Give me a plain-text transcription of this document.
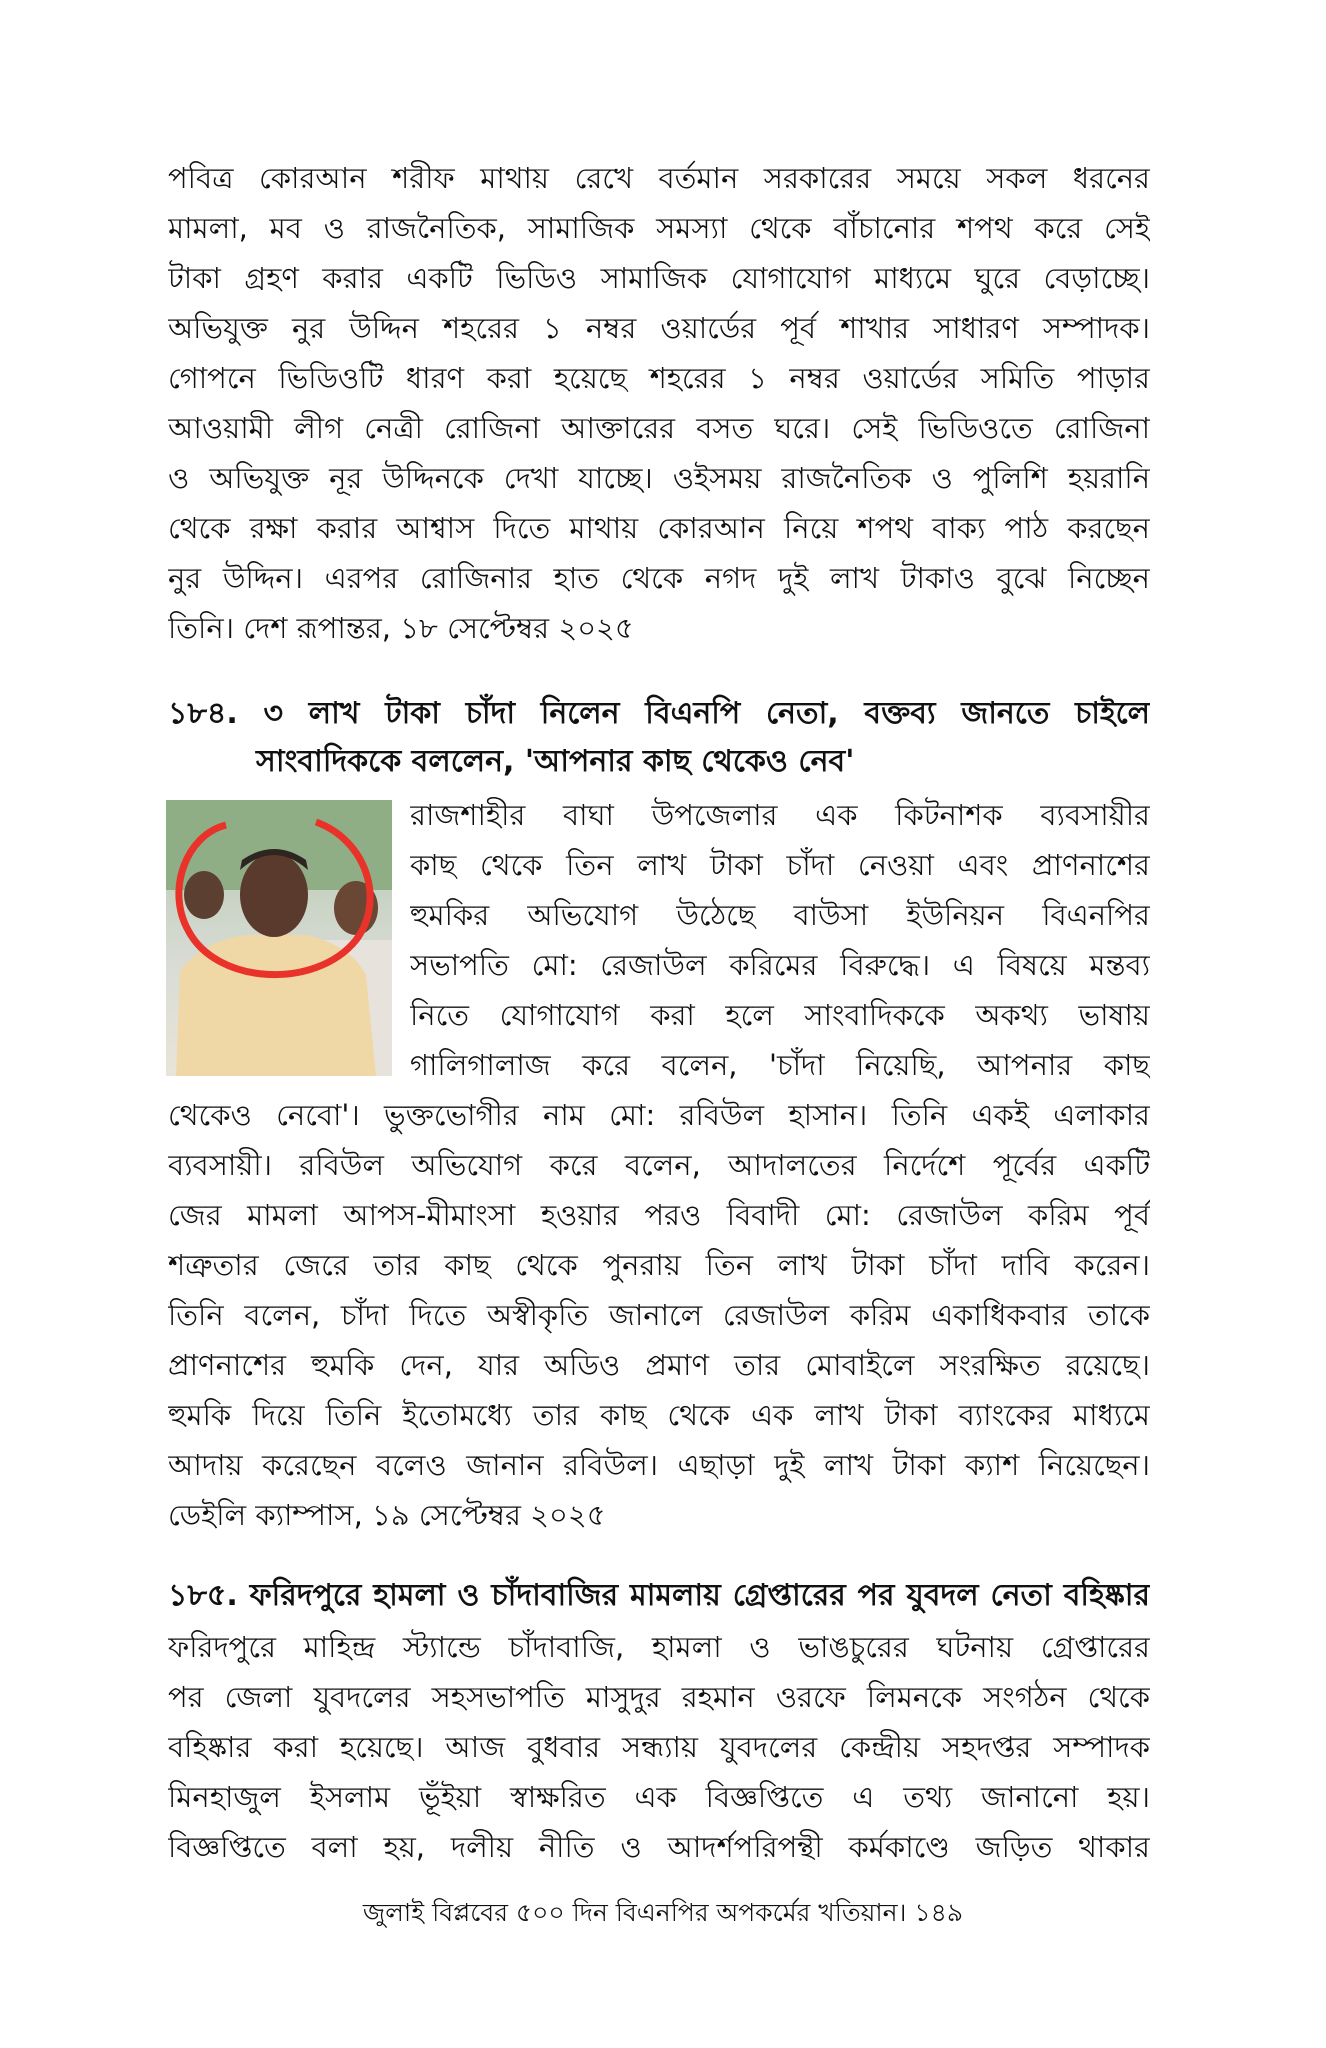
পবিত্র কোরআন শরীফ মাথায় রেখে বর্তমান সরকারের সময়ে সকল ধরনের
মামলা, মব ও রাজনৈতিক, সামাজিক সমস্যা থেকে বাঁচানোর শপথ করে সেই
টাকা গ্রহণ করার একটি ভিডিও সামাজিক যোগাযোগ মাধ্যমে ঘুরে বেড়াচ্ছে।
অভিযুক্ত নুর উদ্দিন শহরের ১ নম্বর ওয়ার্ডের পূর্ব শাখার সাধারণ সম্পাদক।
গোপনে ভিডিওটি ধারণ করা হয়েছে শহরের ১ নম্বর ওয়ার্ডের সমিতি পাড়ার
আওয়ামী লীগ নেত্রী রোজিনা আক্তারের বসত ঘরে। সেই ভিডিওতে রোজিনা
ও অভিযুক্ত নূর উদ্দিনকে দেখা যাচ্ছে। ওইসময় রাজনৈতিক ও পুলিশি হয়রানি
থেকে রক্ষা করার আশ্বাস দিতে মাথায় কোরআন নিয়ে শপথ বাক্য পাঠ করছেন
নুর উদ্দিন। এরপর রোজিনার হাত থেকে নগদ দুই লাখ টাকাও বুঝে নিচ্ছেন
তিনি। দেশ রূপান্তর, ১৮ সেপ্টেম্বর ২০২৫
১৮৪. ৩ লাখ টাকা চাঁদা নিলেন বিএনপি নেতা, বক্তব্য জানতে চাইলে
সাংবাদিককে বললেন, 'আপনার কাছ থেকেও নেব'
রাজশাহীর বাঘা উপজেলার এক কিটনাশক ব্যবসায়ীর
কাছ থেকে তিন লাখ টাকা চাঁদা নেওয়া এবং প্রাণনাশের
হুমকির অভিযোগ উঠেছে বাউসা ইউনিয়ন বিএনপির
সভাপতি মো: রেজাউল করিমের বিরুদ্ধে। এ বিষয়ে মন্তব্য
নিতে যোগাযোগ করা হলে সাংবাদিককে অকথ্য ভাষায়
গালিগালাজ করে বলেন, 'চাঁদা নিয়েছি, আপনার কাছ
থেকেও নেবো'। ভুক্তভোগীর নাম মো: রবিউল হাসান। তিনি একই এলাকার
ব্যবসায়ী। রবিউল অভিযোগ করে বলেন, আদালতের নির্দেশে পূর্বের একটি
জের মামলা আপস-মীমাংসা হওয়ার পরও বিবাদী মো: রেজাউল করিম পূর্ব
শত্রুতার জেরে তার কাছ থেকে পুনরায় তিন লাখ টাকা চাঁদা দাবি করেন।
তিনি বলেন, চাঁদা দিতে অস্বীকৃতি জানালে রেজাউল করিম একাধিকবার তাকে
প্রাণনাশের হুমকি দেন, যার অডিও প্রমাণ তার মোবাইলে সংরক্ষিত রয়েছে।
হুমকি দিয়ে তিনি ইতোমধ্যে তার কাছ থেকে এক লাখ টাকা ব্যাংকের মাধ্যমে
আদায় করেছেন বলেও জানান রবিউল। এছাড়া দুই লাখ টাকা ক্যাশ নিয়েছেন।
ডেইলি ক্যাম্পাস, ১৯ সেপ্টেম্বর ২০২৫
১৮৫. ফরিদপুরে হামলা ও চাঁদাবাজির মামলায় গ্রেপ্তারের পর যুবদল নেতা বহিষ্কার
ফরিদপুরে মাহিন্দ্র স্ট্যান্ডে চাঁদাবাজি, হামলা ও ভাঙচুরের ঘটনায় গ্রেপ্তারের
পর জেলা যুবদলের সহসভাপতি মাসুদুর রহমান ওরফে লিমনকে সংগঠন থেকে
বহিষ্কার করা হয়েছে। আজ বুধবার সন্ধ্যায় যুবদলের কেন্দ্রীয় সহদপ্তর সম্পাদক
মিনহাজুল ইসলাম ভূঁইয়া স্বাক্ষরিত এক বিজ্ঞপ্তিতে এ তথ্য জানানো হয়।
বিজ্ঞপ্তিতে বলা হয়, দলীয় নীতি ও আদর্শপরিপন্থী কর্মকাণ্ডে জড়িত থাকার
জুলাই বিপ্লবের ৫০০ দিন বিএনপির অপকর্মের খতিয়ান। ১৪৯
